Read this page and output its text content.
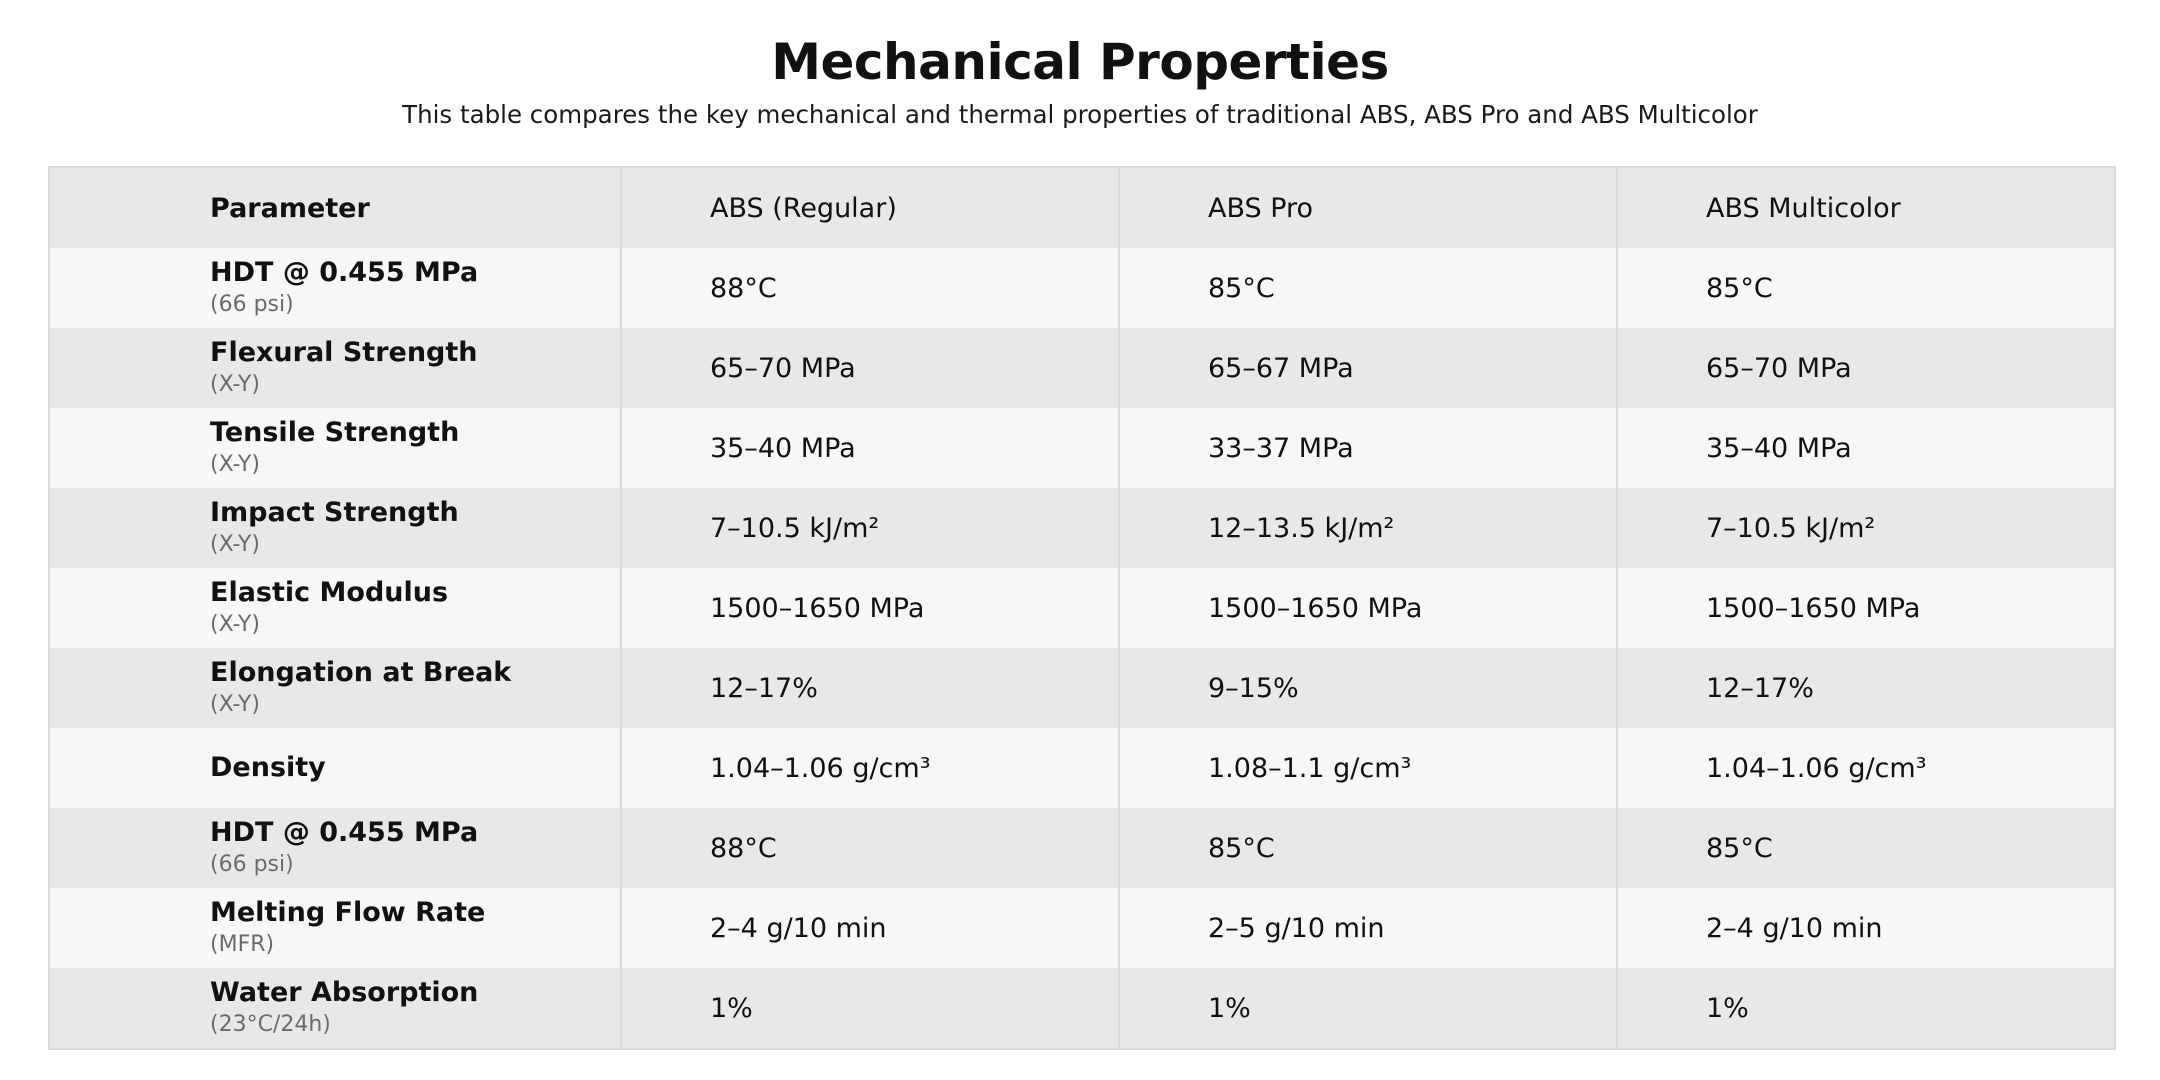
Mechanical Properties
This table compares the key mechanical and thermal properties of traditional ABS, ABS Pro and ABS Multicolor
Parameter	ABS (Regular)	ABS Pro	ABS Multicolor

HDT @ 0.455 MPa
(66 psi)	88°C	85°C	85°C

Flexural Strength
(X-Y)	65–70 MPa	65–67 MPa	65–70 MPa

Tensile Strength
(X-Y)	35–40 MPa	33–37 MPa	35–40 MPa

Impact Strength
(X-Y)	7–10.5 kJ/m²	12–13.5 kJ/m²	7–10.5 kJ/m²

Elastic Modulus
(X-Y)	1500–1650 MPa	1500–1650 MPa	1500–1650 MPa

Elongation at Break
(X-Y)	12–17%	9–15%	12–17%

Density	1.04–1.06 g/cm³	1.08–1.1 g/cm³	1.04–1.06 g/cm³

HDT @ 0.455 MPa
(66 psi)	88°C	85°C	85°C

Melting Flow Rate
(MFR)	2–4 g/10 min	2–5 g/10 min	2–4 g/10 min

Water Absorption
(23°C/24h)	1%	1%	1%
